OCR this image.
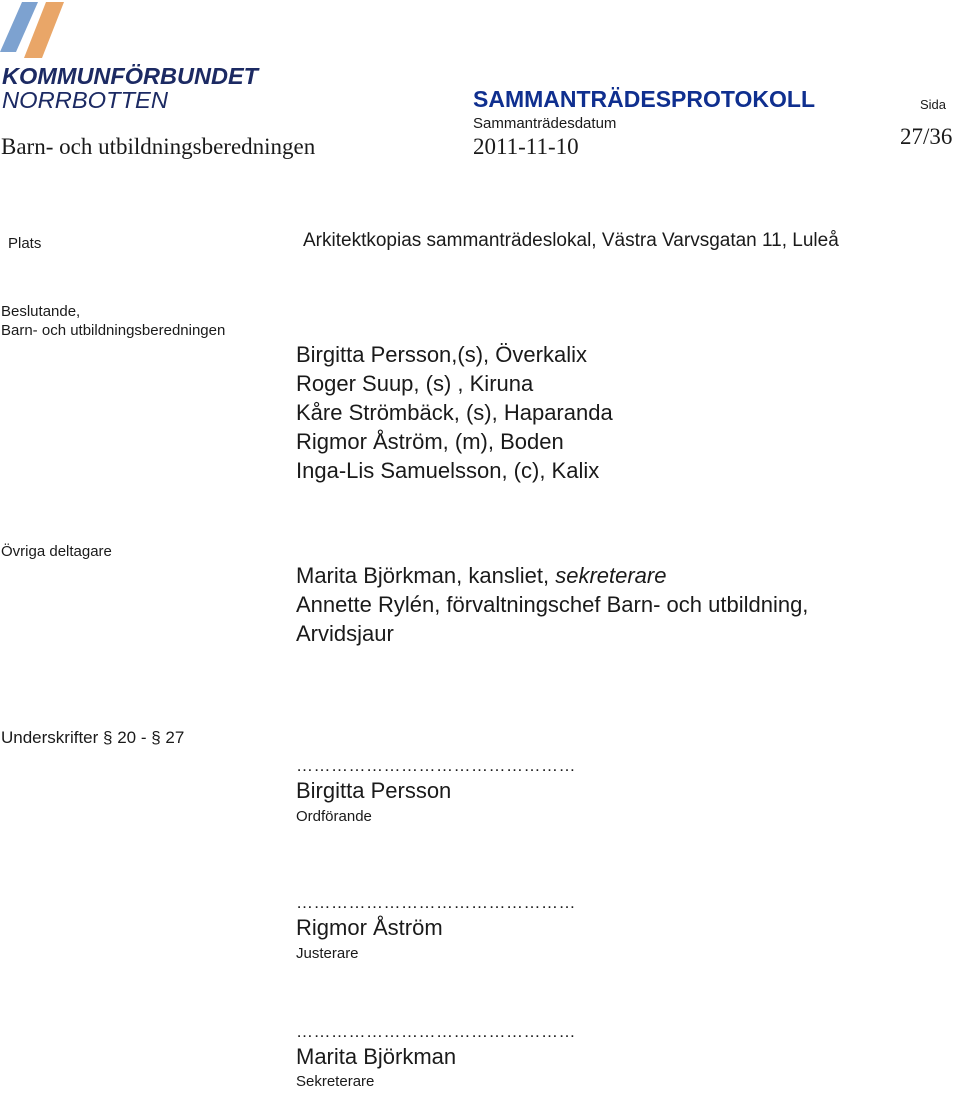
KOMMUNFÖRBUNDET
NORRBOTTEN	SAMMANTRÄDESPROTOKOLL	Sida
Sammanträdesdatum
Barn- och utbildningsberedningen	2011-11-10	27/36
Plats	Arkitektkopias sammanträdeslokal, Västra Varvsgatan 11, Luleå
Beslutande,
Barn- och utbildningsberedningen
Birgitta Persson,(s), Överkalix
Roger Suup, (s) , Kiruna
Kåre Strömbäck, (s), Haparanda
Rigmor Åström, (m), Boden
Inga-Lis Samuelsson, (c), Kalix
Övriga deltagare
Marita Björkman, kansliet, sekreterare
Annette Rylén, förvaltningschef Barn- och utbildning,
Arvidsjaur
Underskrifter § 20 - § 27
…………………………………………
Birgitta Persson
Ordförande
…………………………………………
Rigmor Åström
Justerare
…………………………………………
Marita Björkman
Sekreterare
